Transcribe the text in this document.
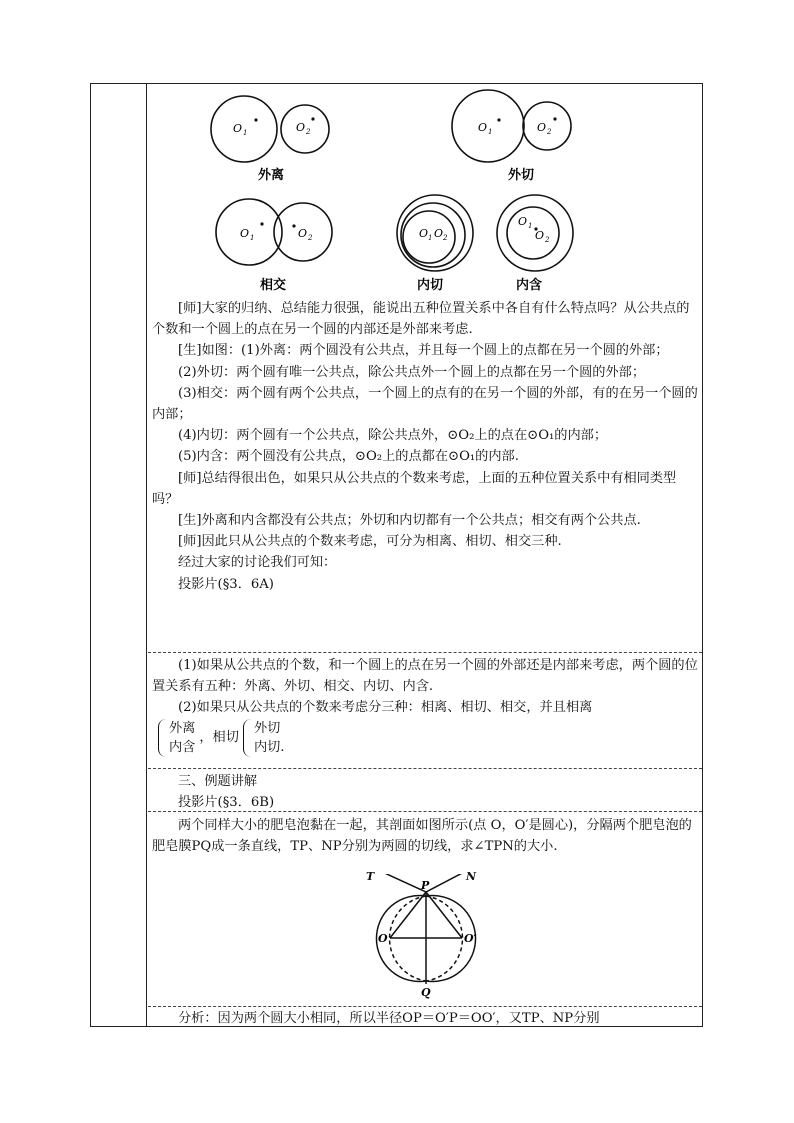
O 1	O 2	O 1	O 2
O 1	O 2	O 1 O 2
O 1
O 2
外离	外切
相交	内切	内含

[师]大家的归纳、总结能力很强，能说出五种位置关系中各自有什么特点吗？从公共点的个数和一个圆上的点在另一个圆的内部还是外部来考虑.

[生]如图：(1)外离：两个圆没有公共点，并且每一个圆上的点都在另一个圆的外部；

(2)外切：两个圆有唯一公共点，除公共点外一个圆上的点都在另一个圆的外部；

(3)相交：两个圆有两个公共点，一个圆上的点有的在另一个圆的外部，有的在另一个圆的内部；

(4)内切：两个圆有一个公共点，除公共点外，⊙O₂上的点在⊙O₁的内部；

(5)内含：两个圆没有公共点，⊙O₂上的点都在⊙O₁的内部.

[师]总结得很出色，如果只从公共点的个数来考虑，上面的五种位置关系中有相同类型吗？

[生]外离和内含都没有公共点；外切和内切都有一个公共点；相交有两个公共点.

[师]因此只从公共点的个数来考虑，可分为相离、相切、相交三种.

经过大家的讨论我们可知：

投影片(§3．6A)

(1)如果从公共点的个数，和一个圆上的点在另一个圆的外部还是内部来考虑，两个圆的位置关系有五种：外离、外切、相交、内切、内含.

(2)如果只从公共点的个数来考虑分三种：相离、相切、相交，并且相离

外离
内含
，相切
外切
内切.

三、例题讲解

投影片(§3．6B)

两个同样大小的肥皂泡黏在一起，其剖面如图所示(点 O，O′是圆心)，分隔两个肥皂泡的肥皂膜PQ成一条直线，TP、NP分别为两圆的切线，求∠TPN的大小.

P
Q
O	O′
T	N

分析：因为两个圆大小相同，所以半径OP＝O′P＝OO′，又TP、NP分别
